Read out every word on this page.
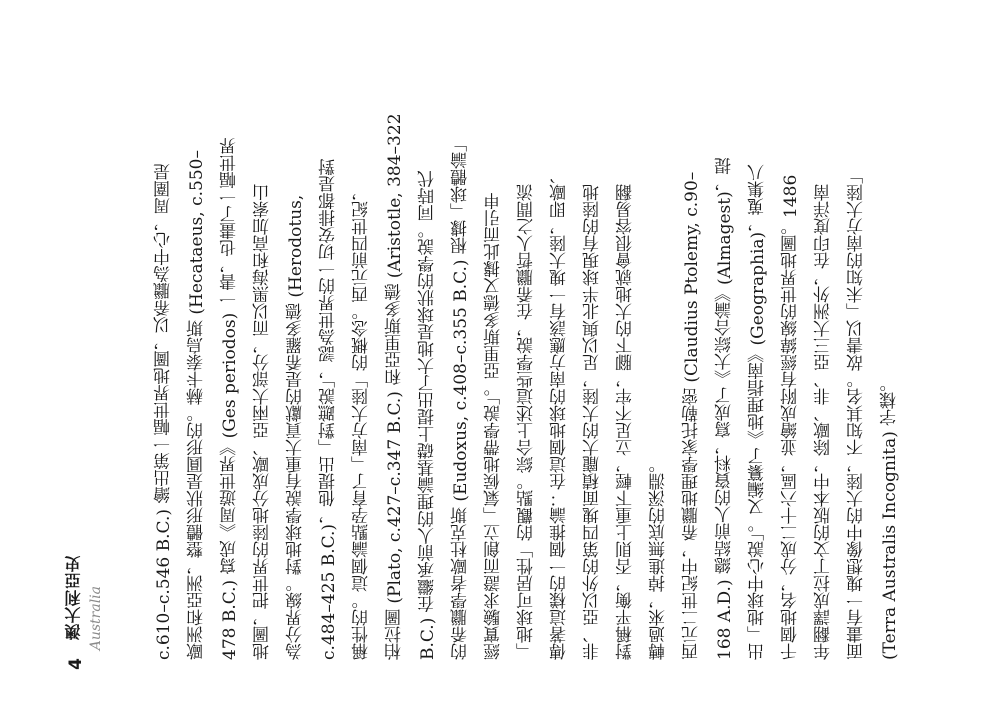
4
澳大利亞史 Australia	c.610–c.546 B.C.) 繪出第一幅世界地圖，以希臘為中心，周圍是 歐洲和亞洲，整體形狀是圓形的。赫卡泰烏斯 (Hecataeus, c.550– 478 B.C.) 寫成《周遊世界》(Ges periodos) 一書，也畫了一幅世界 地圖，把世界的陸地分成歐、亞兩大部分，而以黑海和高加索山 為分界線。對地球學說有重大貢獻的是希羅多德 (Herodotus, c.484–425 B.C.)，他提出「對蹠說」，認為世界的一切安排都是對 稱性的。這個論點孕育了「南方大陸」的概念。西元前四世紀， 柏拉圖 (Plato, c.427–c.347 B.C.) 和亞里斯多德 (Aristotle, 384–322 B.C.) 在繼承前人的理論基礎上提出了大地是球狀的學說。同時代 的希臘學者歐杜克斯 (Eudoxus, c.408–c.355 B.C.) 根據「球體論」 經實驗求證而創立「氣候地帶學說」。亞里斯多德又據此而引申 「地球可居性」的觀點。綜合上述這些學說，在希臘哲人之間流 傳著這樣的一個推論：在這個地球的南方應該有一塊大陸，即歐、 非、亞以外的第四塊面積龐大的大陸，足以與北半球現有的陸地 對稱平衡，否則上重下輕，立足不牢，腳下的大地就會很容易翻 轉過來，掉進無底的深淵。 西元二世紀中，希臘地理學家托勒密 (Claudius Ptolemy, c.90– 168 A.D.) 總結前人的資料，寫成了《大綜合論》(Almagest)，提 出「地球中心說」。又編纂了《地理指南》(Geographia)，蒐集八 千個地名，分成二十六區，並繪成附有經緯線的世界地圖。1486 年翻譯成拉丁文的版本中，除歐、非、亞三大洲外，在印度洋南 面畫有一塊想像中的大陸，不知其名。故書以「未知的南方大陸」 (Terra Australis Incognita) 字樣。
